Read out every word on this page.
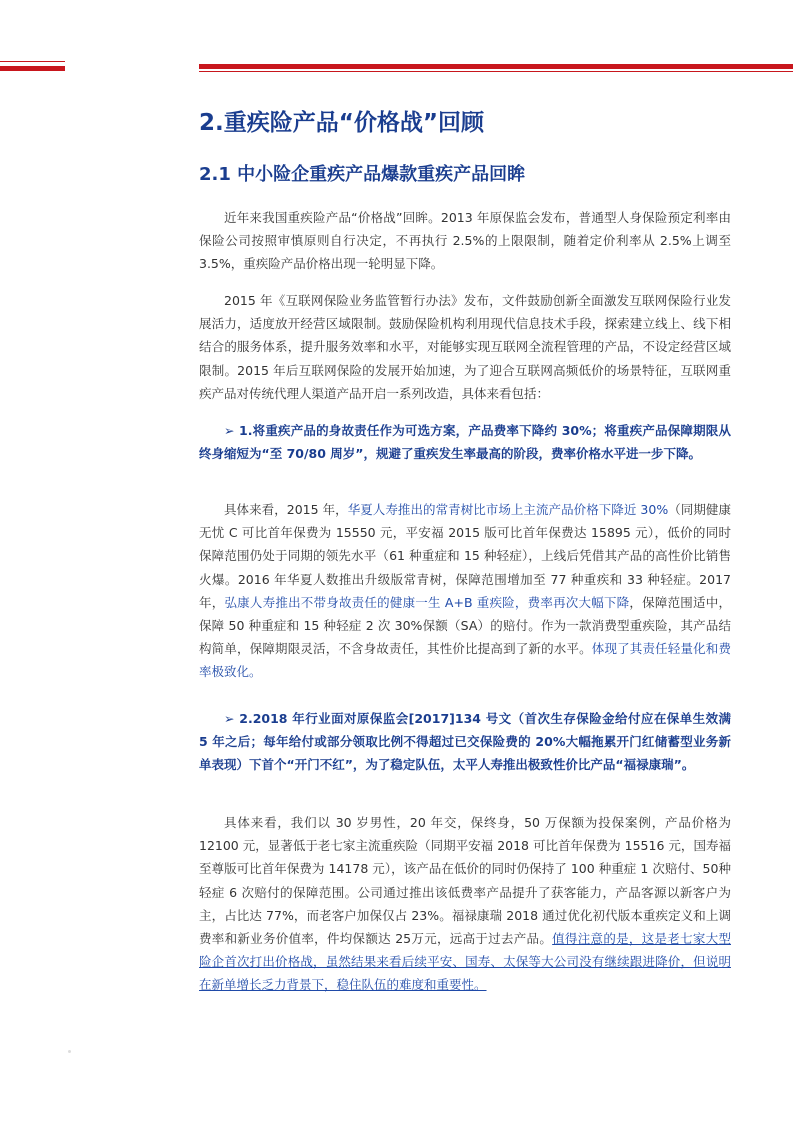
2.重疾险产品“价格战”回顾
2.1 中小险企重疾产品爆款重疾产品回眸

近年来我国重疾险产品“价格战”回眸。2013 年原保监会发布，普通型人身保险预定利率由保险公司按照审慎原则自行决定，不再执行 2.5%的上限限制，随着定价利率从 2.5%上调至 3.5%，重疾险产品价格出现一轮明显下降。

2015 年《互联网保险业务监管暂行办法》发布，文件鼓励创新全面激发互联网保险行业发展活力，适度放开经营区域限制。鼓励保险机构利用现代信息技术手段，探索建立线上、线下相结合的服务体系，提升服务效率和水平，对能够实现互联网全流程管理的产品，不设定经营区域限制。2015 年后互联网保险的发展开始加速，为了迎合互联网高频低价的场景特征，互联网重疾产品对传统代理人渠道产品开启一系列改造，具体来看包括：

➢ 1.将重疾产品的身故责任作为可选方案，产品费率下降约 30%；将重疾产品保障期限从终身缩短为“至 70/80 周岁”，规避了重疾发生率最高的阶段，费率价格水平进一步下降。

具体来看，2015 年，华夏人寿推出的常青树比市场上主流产品价格下降近 30%（同期健康无忧 C 可比首年保费为 15550 元，平安福 2015 版可比首年保费达 15895 元），低价的同时保障范围仍处于同期的领先水平（61 种重症和 15 种轻症），上线后凭借其产品的高性价比销售火爆。2016 年华夏人数推出升级版常青树，保障范围增加至 77 种重疾和 33 种轻症。2017 年，弘康人寿推出不带身故责任的健康一生 A+B 重疾险，费率再次大幅下降，保障范围适中，保障 50 种重症和 15 种轻症 2 次 30%保额（SA）的赔付。作为一款消费型重疾险，其产品结构简单，保障期限灵活，不含身故责任，其性价比提高到了新的水平。体现了其责任轻量化和费率极致化。

➢ 2.2018 年行业面对原保监会[2017]134 号文（首次生存保险金给付应在保单生效满 5 年之后；每年给付或部分领取比例不得超过已交保险费的 20%大幅拖累开门红储蓄型业务新单表现）下首个“开门不红”，为了稳定队伍，太平人寿推出极致性价比产品“福禄康瑞”。

具体来看，我们以 30 岁男性，20 年交，保终身，50 万保额为投保案例，产品价格为 12100 元，显著低于老七家主流重疾险（同期平安福 2018 可比首年保费为 15516 元，国寿福至尊版可比首年保费为 14178 元），该产品在低价的同时仍保持了 100 种重症 1 次赔付、50种轻症 6 次赔付的保障范围。公司通过推出该低费率产品提升了获客能力，产品客源以新客户为主，占比达 77%，而老客户加保仅占 23%。福禄康瑞 2018 通过优化初代版本重疾定义和上调费率和新业务价值率，件均保额达 25万元，远高于过去产品。值得注意的是，这是老七家大型险企首次打出价格战，虽然结果来看后续平安、国寿、太保等大公司没有继续跟进降价，但说明在新单增长乏力背景下，稳住队伍的难度和重要性。
